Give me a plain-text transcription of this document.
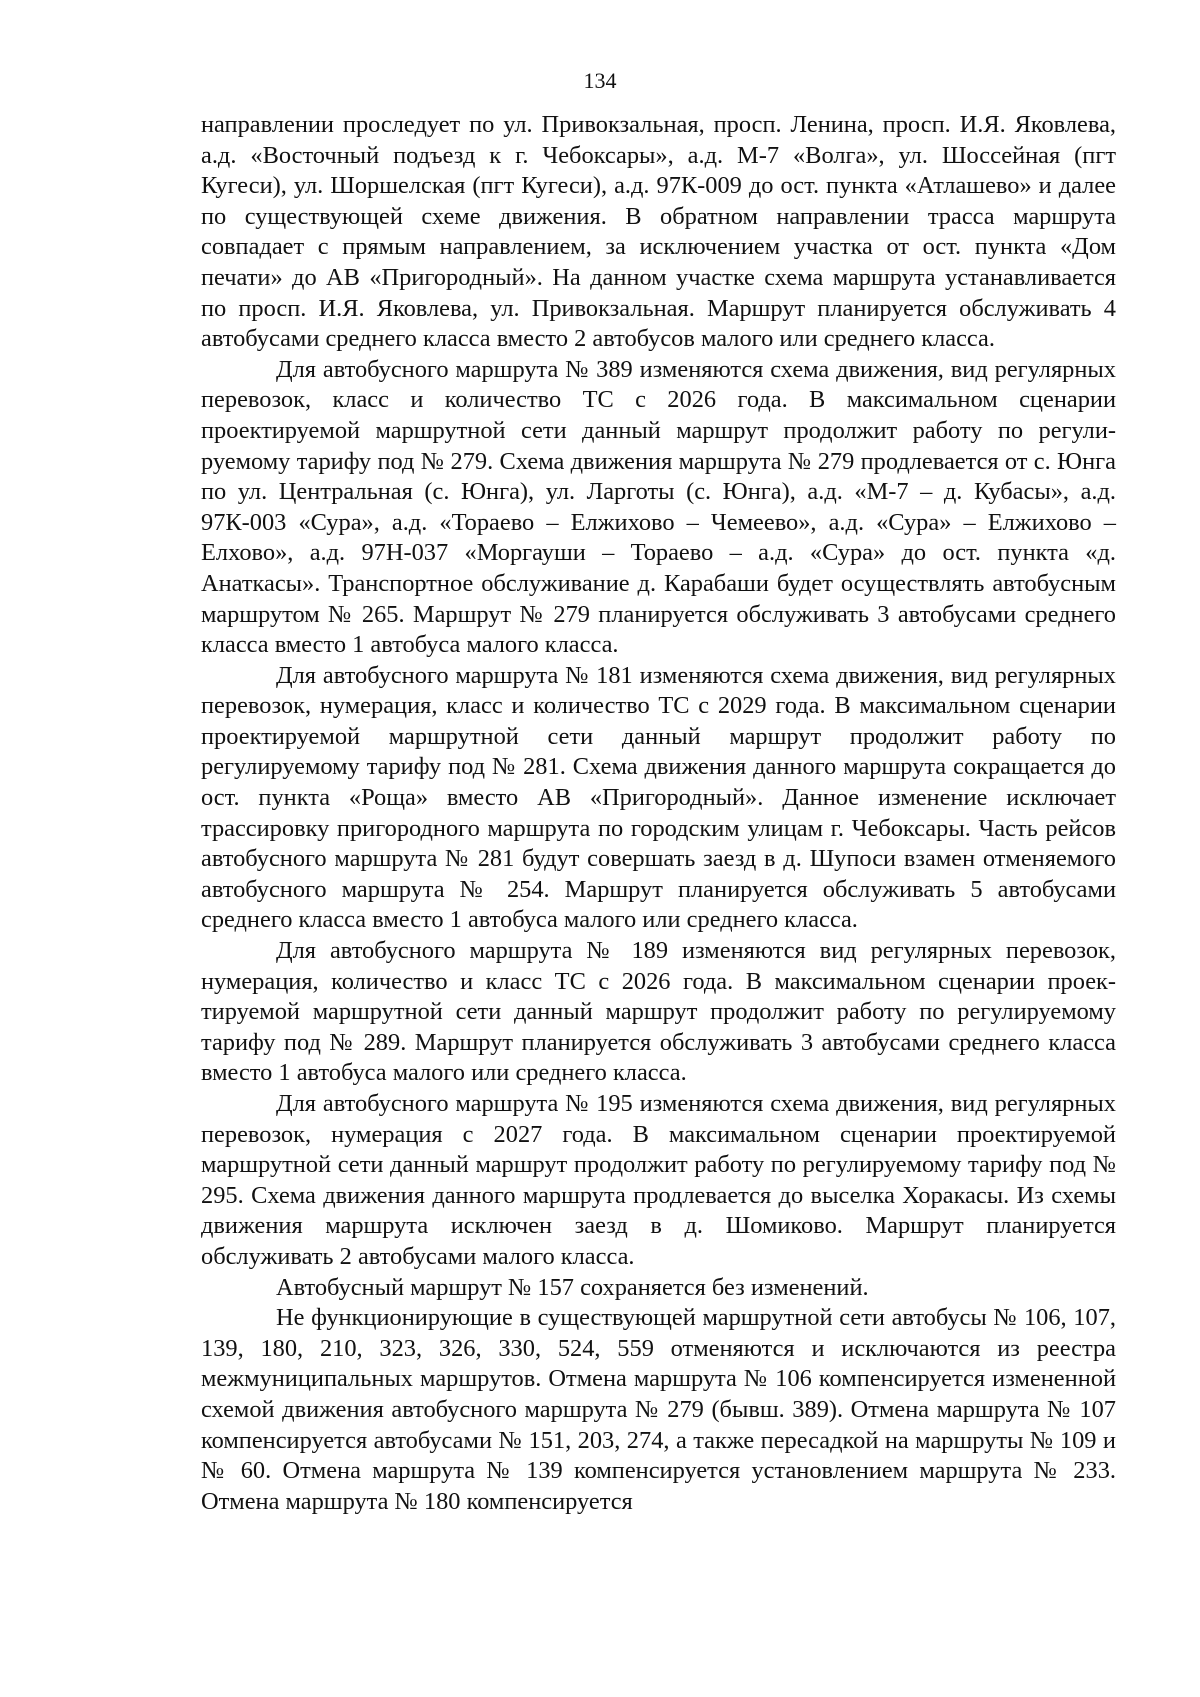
134

направлении проследует по ул. Привокзальная, просп. Ленина, просп. И.Я. Яковлева, а.д. «Восточный подъезд к г. Чебоксары», а.д. М-7 «Волга», ул. Шоссейная (пгт Кугеси), ул. Шоршелская (пгт Кугеси), а.д. 97К-009 до ост. пункта «Атлашево» и далее по существующей схеме движения. В обратном направлении трасса маршрута совпадает с прямым направлением, за исключением участка от ост. пункта «Дом печати» до АВ «Пригородный». На данном участке схема маршрута устанавливается по просп. И.Я. Яковлева, ул. Привокзальная. Маршрут планируется обслуживать 4 автобусами среднего класса вместо 2 автобусов малого или среднего класса.

Для автобусного маршрута № 389 изменяются схема движения, вид регулярных перевозок, класс и количество ТС с 2026 года. В максимальном сценарии проектируемой маршрутной сети данный маршрут продолжит работу по регулируемому тарифу под № 279. Схема движения маршрута № 279 продлевается от с. Юнга по ул. Центральная (с. Юнга), ул. Ларготы (с. Юнга), а.д. «М-7 – д. Кубасы», а.д. 97К-003 «Сура», а.д. «Тораево – Елжихово – Чемеево», а.д. «Сура» – Елжихово – Елхово», а.д. 97Н-037 «Моргауши – Тораево – а.д. «Сура» до ост. пункта «д. Анаткасы». Транспортное обслуживание д. Карабаши будет осуществлять автобусным маршрутом № 265. Маршрут № 279 планируется обслуживать 3 автобусами среднего класса вместо 1 автобуса малого класса.

Для автобусного маршрута № 181 изменяются схема движения, вид регулярных перевозок, нумерация, класс и количество ТС с 2029 года. В максимальном сценарии проектируемой маршрутной сети данный маршрут продолжит работу по регулируемому тарифу под № 281. Схема движения данного маршрута сокращается до ост. пункта «Роща» вместо АВ «Пригородный». Данное изменение исключает трассировку пригородного маршрута по городским улицам г. Чебоксары. Часть рейсов автобусного маршрута № 281 будут совершать заезд в д. Шупоси взамен отменяемого автобусного маршрута № 254. Маршрут планируется обслуживать 5 автобусами среднего класса вместо 1 автобуса малого или среднего класса.

Для автобусного маршрута № 189 изменяются вид регулярных перевозок, нумерация, количество и класс ТС с 2026 года. В максимальном сценарии проектируемой маршрутной сети данный маршрут продолжит работу по регулируемому тарифу под № 289. Маршрут планируется обслуживать 3 автобусами среднего класса вместо 1 автобуса малого или среднего класса.

Для автобусного маршрута № 195 изменяются схема движения, вид регулярных перевозок, нумерация с 2027 года. В максимальном сценарии проектируемой маршрутной сети данный маршрут продолжит работу по регулируемому тарифу под № 295. Схема движения данного маршрута продлевается до выселка Хоракасы. Из схемы движения маршрута исключен заезд в д. Шомиково. Маршрут планируется обслуживать 2 автобусами малого класса.

Автобусный маршрут № 157 сохраняется без изменений.

Не функционирующие в существующей маршрутной сети автобусы № 106, 107, 139, 180, 210, 323, 326, 330, 524, 559 отменяются и исключаются из реестра межмуниципальных маршрутов. Отмена маршрута № 106 компенсируется измененной схемой движения автобусного маршрута № 279 (бывш. 389). Отмена маршрута № 107 компенсируется автобусами № 151, 203, 274, а также пересадкой на маршруты № 109 и № 60. Отмена маршрута № 139 компенсируется установлением маршрута № 233. Отмена маршрута № 180 компенсируется
